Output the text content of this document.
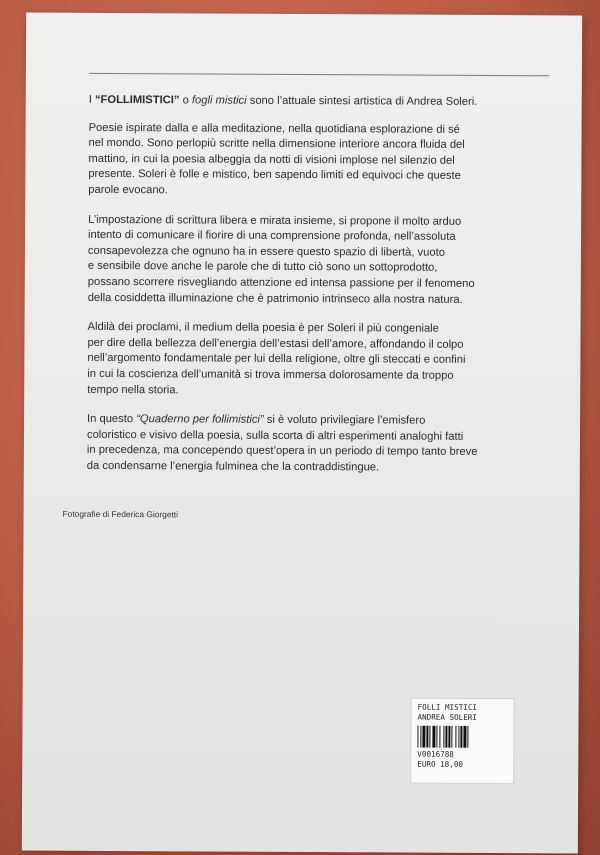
I “FOLLIMISTICI” o fogli mistici sono l’attuale sintesi artistica di Andrea Soleri.

Poesie ispirate dalla e alla meditazione, nella quotidiana esplorazione di sé
nel mondo. Sono perlopiù scritte nella dimensione interiore ancora fluida del
mattino, in cui la poesia albeggia da notti di visioni implose nel silenzio del
presente. Soleri è folle e mistico, ben sapendo limiti ed equivoci che queste
parole evocano.

L’impostazione di scrittura libera e mirata insieme, si propone il molto arduo
intento di comunicare il fiorire di una comprensione profonda, nell’assoluta
consapevolezza che ognuno ha in essere questo spazio di libertà, vuoto
e sensibile dove anche le parole che di tutto ciò sono un sottoprodotto,
possano scorrere risvegliando attenzione ed intensa passione per il fenomeno
della cosiddetta illuminazione che è patrimonio intrinseco alla nostra natura.

Aldilà dei proclami, il medium della poesia è per Soleri il più congeniale
per dire della bellezza dell’energia dell’estasi dell’amore, affondando il colpo
nell’argomento fondamentale per lui della religione, oltre gli steccati e confini
in cui la coscienza dell’umanità si trova immersa dolorosamente da troppo
tempo nella storia.

In questo “Quaderno per follimistici” si è voluto privilegiare l’emisfero
coloristico e visivo della poesia, sulla scorta di altri esperimenti analoghi fatti
in precedenza, ma concependo quest’opera in un periodo di tempo tanto breve
da condensarne l’energia fulminea che la contraddistingue.

Fotografie di Federica Giorgetti
FOLLI MISTICI
ANDREA SOLERI
V0016788
EURO 18,00
